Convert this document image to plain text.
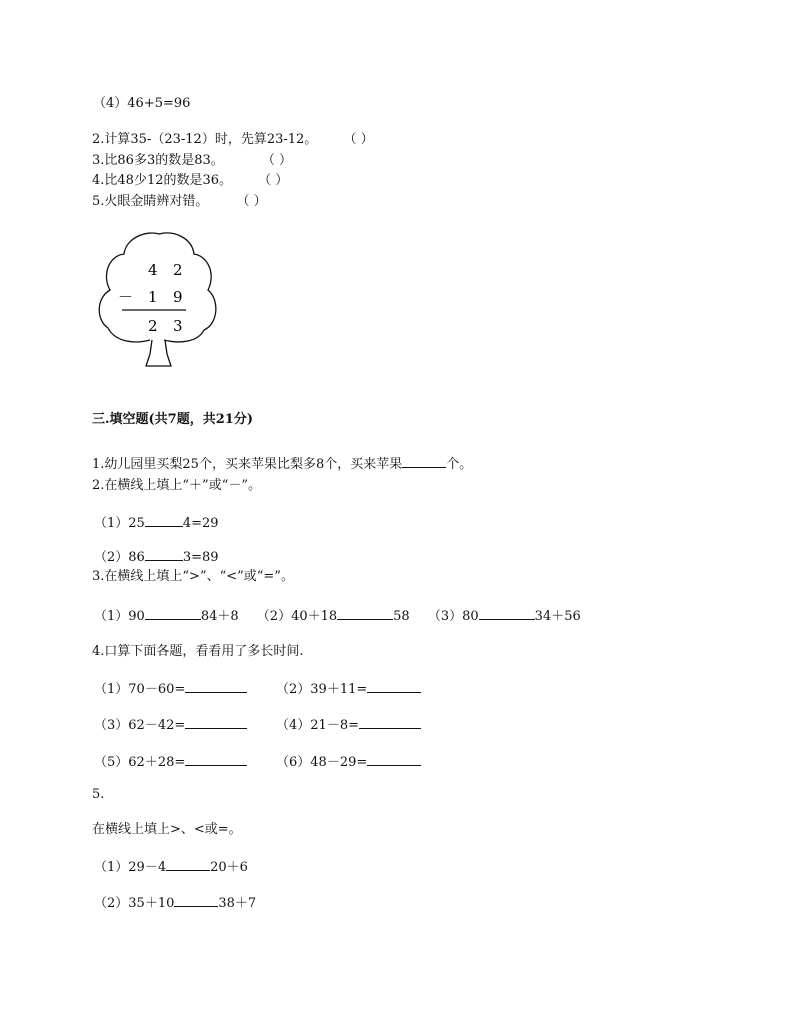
（4）46+5=96
2.计算35-（23-12）时，先算23-12。 （ ）
3.比86多3的数是83。	（ ）
4.比48少12的数是36。 （ ）
5.火眼金睛辨对错。 （ ）
4 2
－ 1 9
2 3
三.填空题(共7题，共21分)
1.幼儿园里买梨25个，买来苹果比梨多8个，买来苹果	个。
2.在横线上填上“＋”或“－”。
（1）25	4=29
（2）86	3=89
3.在横线上填上“>”、“<”或“=”。
（1）90	84＋8 （2）40＋18	58 （3）80	34＋56
4.口算下面各题，看看用了多长时间.
（1）70－60=	（2）39＋11=
（3）62－42=	（4）21－8=
（5）62＋28=	（6）48－29=
5.
在横线上填上>、<或=。
（1）29－4	20＋6
（2）35＋10	38＋7
